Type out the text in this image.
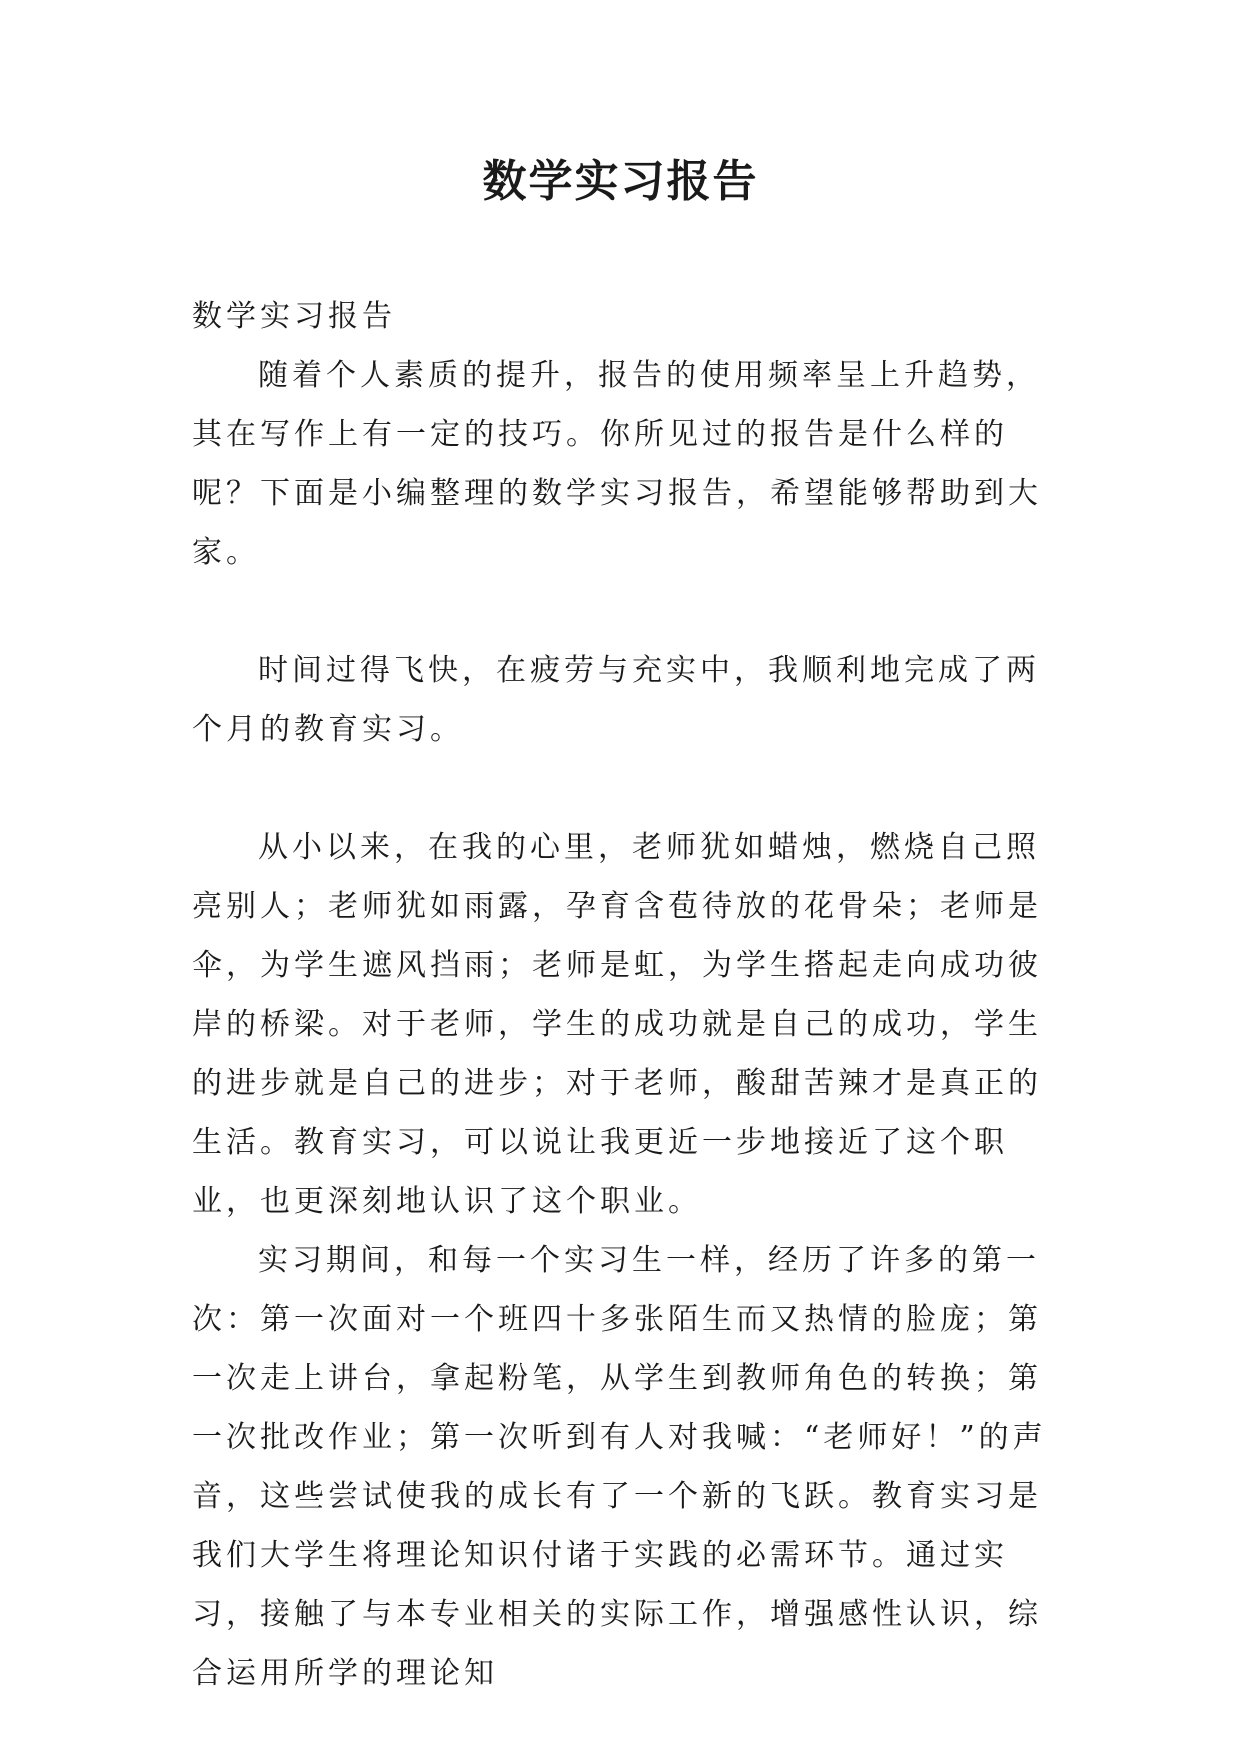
数学实习报告

数学实习报告

随着个人素质的提升，报告的使用频率呈上升趋势，其在写作上有一定的技巧。你所见过的报告是什么样的呢？下面是小编整理的数学实习报告，希望能够帮助到大家。

时间过得飞快，在疲劳与充实中，我顺利地完成了两个月的教育实习。

从小以来，在我的心里，老师犹如蜡烛，燃烧自己照亮别人；老师犹如雨露，孕育含苞待放的花骨朵；老师是伞，为学生遮风挡雨；老师是虹，为学生搭起走向成功彼岸的桥梁。对于老师，学生的成功就是自己的成功，学生的进步就是自己的进步；对于老师，酸甜苦辣才是真正的生活。教育实习，可以说让我更近一步地接近了这个职业，也更深刻地认识了这个职业。

实习期间，和每一个实习生一样，经历了许多的第一次：第一次面对一个班四十多张陌生而又热情的脸庞；第一次走上讲台，拿起粉笔，从学生到教师角色的转换；第一次批改作业；第一次听到有人对我喊：“老师好！”的声音，这些尝试使我的成长有了一个新的飞跃。教育实习是我们大学生将理论知识付诸于实践的必需环节。通过实习，接触了与本专业相关的实际工作，增强感性认识，综合运用所学的理论知
